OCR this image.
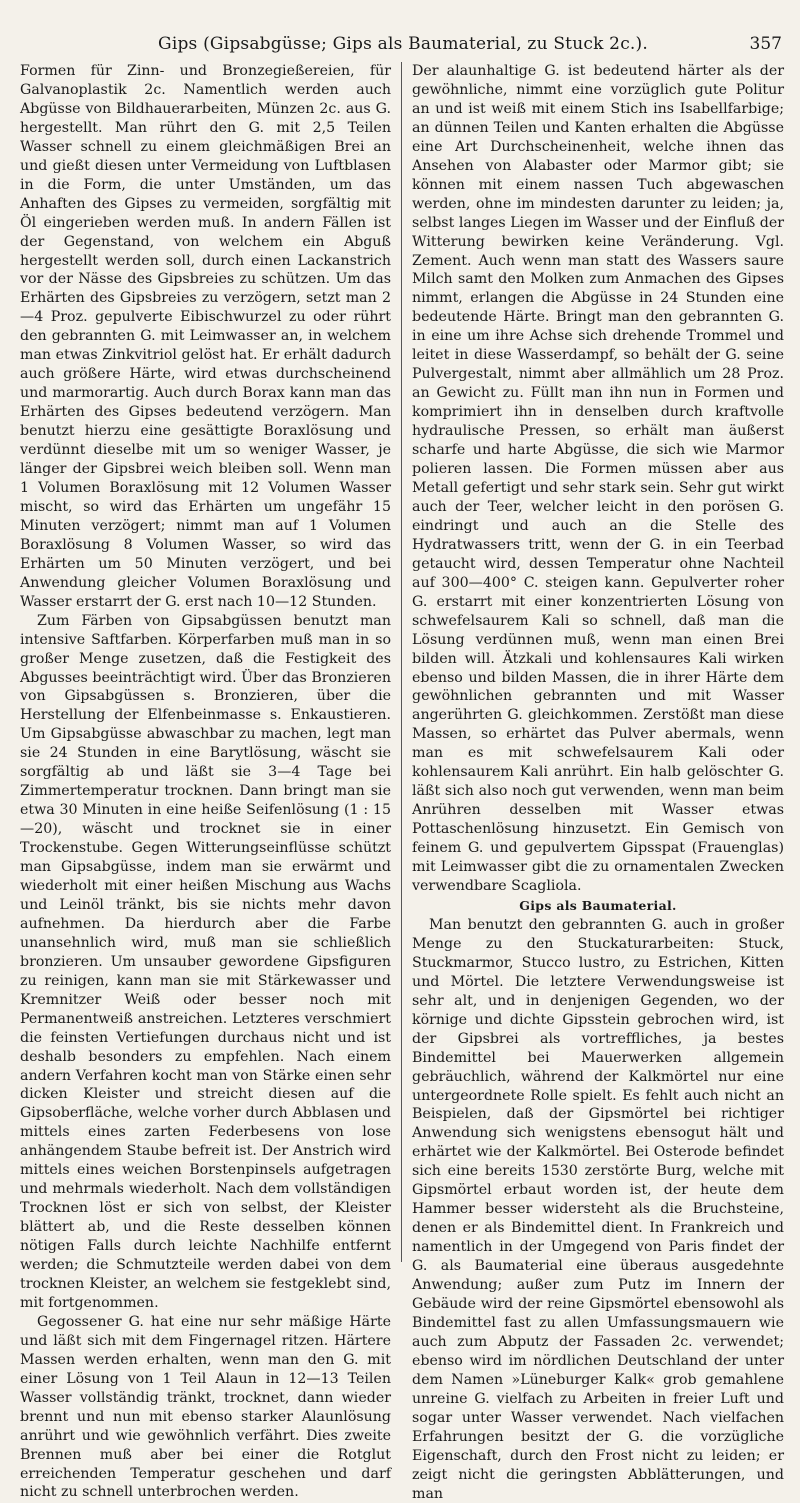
Gips (Gipsabgüsse; Gips als Baumaterial, zu Stuck 2c.).	357

Formen für Zinn- und Bronzegießereien, für Galvanoplastik 2c. Namentlich werden auch Abgüsse von Bildhauerarbeiten, Münzen 2c. aus G. hergestellt. Man rührt den G. mit 2,5 Teilen Wasser schnell zu einem gleichmäßigen Brei an und gießt diesen unter Vermeidung von Luftblasen in die Form, die unter Umständen, um das Anhaften des Gipses zu vermeiden, sorgfältig mit Öl eingerieben werden muß. In andern Fällen ist der Gegenstand, von welchem ein Abguß hergestellt werden soll, durch einen Lackanstrich vor der Nässe des Gipsbreies zu schützen. Um das Erhärten des Gipsbreies zu verzögern, setzt man 2—4 Proz. gepulverte Eibischwurzel zu oder rührt den gebrannten G. mit Leimwasser an, in welchem man etwas Zinkvitriol gelöst hat. Er erhält dadurch auch größere Härte, wird etwas durchscheinend und marmorartig. Auch durch Borax kann man das Erhärten des Gipses bedeutend verzögern. Man benutzt hierzu eine gesättigte Boraxlösung und verdünnt dieselbe mit um so weniger Wasser, je länger der Gipsbrei weich bleiben soll. Wenn man 1 Volumen Boraxlösung mit 12 Volumen Wasser mischt, so wird das Erhärten um ungefähr 15 Minuten verzögert; nimmt man auf 1 Volumen Boraxlösung 8 Volumen Wasser, so wird das Erhärten um 50 Minuten verzögert, und bei Anwendung gleicher Volumen Boraxlösung und Wasser erstarrt der G. erst nach 10—12 Stunden.

Zum Färben von Gipsabgüssen benutzt man intensive Saftfarben. Körperfarben muß man in so großer Menge zusetzen, daß die Festigkeit des Abgusses beeinträchtigt wird. Über das Bronzieren von Gipsabgüssen s. Bronzieren, über die Herstellung der Elfenbeinmasse s. Enkaustieren. Um Gipsabgüsse abwaschbar zu machen, legt man sie 24 Stunden in eine Barytlösung, wäscht sie sorgfältig ab und läßt sie 3—4 Tage bei Zimmertemperatur trocknen. Dann bringt man sie etwa 30 Minuten in eine heiße Seifenlösung (1 : 15—20), wäscht und trocknet sie in einer Trockenstube. Gegen Witterungseinflüsse schützt man Gipsabgüsse, indem man sie erwärmt und wiederholt mit einer heißen Mischung aus Wachs und Leinöl tränkt, bis sie nichts mehr davon aufnehmen. Da hierdurch aber die Farbe unansehnlich wird, muß man sie schließlich bronzieren. Um unsauber gewordene Gipsfiguren zu reinigen, kann man sie mit Stärkewasser und Kremnitzer Weiß oder besser noch mit Permanentweiß anstreichen. Letzteres verschmiert die feinsten Vertiefungen durchaus nicht und ist deshalb besonders zu empfehlen. Nach einem andern Verfahren kocht man von Stärke einen sehr dicken Kleister und streicht diesen auf die Gipsoberfläche, welche vorher durch Abblasen und mittels eines zarten Federbesens von lose anhängendem Staube befreit ist. Der Anstrich wird mittels eines weichen Borstenpinsels aufgetragen und mehrmals wiederholt. Nach dem vollständigen Trocknen löst er sich von selbst, der Kleister blättert ab, und die Reste desselben können nötigen Falls durch leichte Nachhilfe entfernt werden; die Schmutzteile werden dabei von dem trocknen Kleister, an welchem sie festgeklebt sind, mit fortgenommen.

Gegossener G. hat eine nur sehr mäßige Härte und läßt sich mit dem Fingernagel ritzen. Härtere Massen werden erhalten, wenn man den G. mit einer Lösung von 1 Teil Alaun in 12—13 Teilen Wasser vollständig tränkt, trocknet, dann wieder brennt und nun mit ebenso starker Alaunlösung anrührt und wie gewöhnlich verfährt. Dies zweite Brennen muß aber bei einer die Rotglut erreichenden Temperatur geschehen und darf nicht zu schnell unterbrochen werden.

Der alaunhaltige G. ist bedeutend härter als der gewöhnliche, nimmt eine vorzüglich gute Politur an und ist weiß mit einem Stich ins Isabellfarbige; an dünnen Teilen und Kanten erhalten die Abgüsse eine Art Durchscheinenheit, welche ihnen das Ansehen von Alabaster oder Marmor gibt; sie können mit einem nassen Tuch abgewaschen werden, ohne im mindesten darunter zu leiden; ja, selbst langes Liegen im Wasser und der Einfluß der Witterung bewirken keine Veränderung. Vgl. Zement. Auch wenn man statt des Wassers saure Milch samt den Molken zum Anmachen des Gipses nimmt, erlangen die Abgüsse in 24 Stunden eine bedeutende Härte. Bringt man den gebrannten G. in eine um ihre Achse sich drehende Trommel und leitet in diese Wasserdampf, so behält der G. seine Pulvergestalt, nimmt aber allmählich um 28 Proz. an Gewicht zu. Füllt man ihn nun in Formen und komprimiert ihn in denselben durch kraftvolle hydraulische Pressen, so erhält man äußerst scharfe und harte Abgüsse, die sich wie Marmor polieren lassen. Die Formen müssen aber aus Metall gefertigt und sehr stark sein. Sehr gut wirkt auch der Teer, welcher leicht in den porösen G. eindringt und auch an die Stelle des Hydratwassers tritt, wenn der G. in ein Teerbad getaucht wird, dessen Temperatur ohne Nachteil auf 300—400° C. steigen kann. Gepulverter roher G. erstarrt mit einer konzentrierten Lösung von schwefelsaurem Kali so schnell, daß man die Lösung verdünnen muß, wenn man einen Brei bilden will. Ätzkali und kohlensaures Kali wirken ebenso und bilden Massen, die in ihrer Härte dem gewöhnlichen gebrannten und mit Wasser angerührten G. gleichkommen. Zerstößt man diese Massen, so erhärtet das Pulver abermals, wenn man es mit schwefelsaurem Kali oder kohlensaurem Kali anrührt. Ein halb gelöschter G. läßt sich also noch gut verwenden, wenn man beim Anrühren desselben mit Wasser etwas Pottaschenlösung hinzusetzt. Ein Gemisch von feinem G. und gepulvertem Gipsspat (Frauenglas) mit Leimwasser gibt die zu ornamentalen Zwecken verwendbare Scagliola.

Gips als Baumaterial.

Man benutzt den gebrannten G. auch in großer Menge zu den Stuckaturarbeiten: Stuck, Stuckmarmor, Stucco lustro, zu Estrichen, Kitten und Mörtel. Die letztere Verwendungsweise ist sehr alt, und in denjenigen Gegenden, wo der körnige und dichte Gipsstein gebrochen wird, ist der Gipsbrei als vortreffliches, ja bestes Bindemittel bei Mauerwerken allgemein gebräuchlich, während der Kalkmörtel nur eine untergeordnete Rolle spielt. Es fehlt auch nicht an Beispielen, daß der Gipsmörtel bei richtiger Anwendung sich wenigstens ebensogut hält und erhärtet wie der Kalkmörtel. Bei Osterode befindet sich eine bereits 1530 zerstörte Burg, welche mit Gipsmörtel erbaut worden ist, der heute dem Hammer besser widersteht als die Bruchsteine, denen er als Bindemittel dient. In Frankreich und namentlich in der Umgegend von Paris findet der G. als Baumaterial eine überaus ausgedehnte Anwendung; außer zum Putz im Innern der Gebäude wird der reine Gipsmörtel ebensowohl als Bindemittel fast zu allen Umfassungsmauern wie auch zum Abputz der Fassaden 2c. verwendet; ebenso wird im nördlichen Deutschland der unter dem Namen »Lüneburger Kalk« grob gemahlene unreine G. vielfach zu Arbeiten in freier Luft und sogar unter Wasser verwendet. Nach vielfachen Erfahrungen besitzt der G. die vorzügliche Eigenschaft, durch den Frost nicht zu leiden; er zeigt nicht die geringsten Abblätterungen, und man
